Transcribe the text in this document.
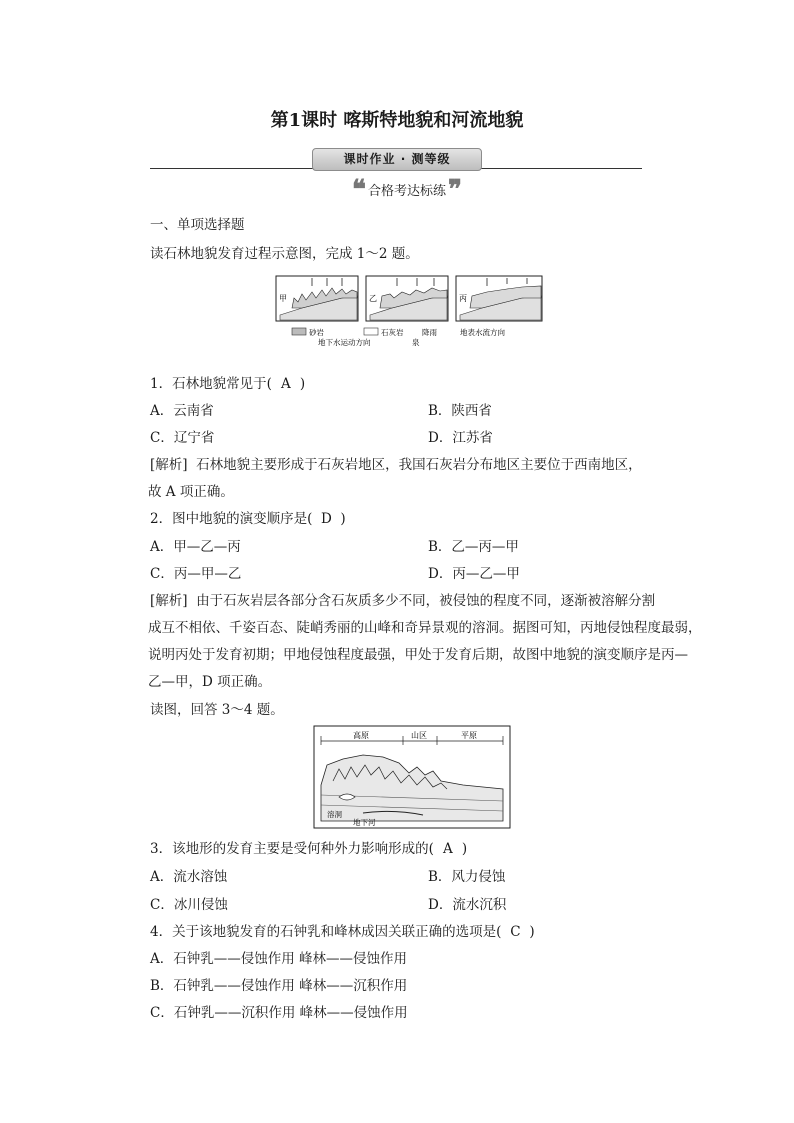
第1课时 喀斯特地貌和河流地貌
课时作业 · 测等级
❝ 合格考达标练 ❞
一、单项选择题
读石林地貌发育过程示意图，完成 1～2 题。
甲	乙	丙
砂岩	石灰岩 降雨	地表水流方向
地下水运动方向	泉
1．石林地貌常见于( A )
A．云南省	B．陕西省
C．辽宁省	D．江苏省
[解析] 石林地貌主要形成于石灰岩地区，我国石灰岩分布地区主要位于西南地区，
故 A 项正确。
2．图中地貌的演变顺序是( D )
A．甲—乙—丙	B．乙—丙—甲
C．丙—甲—乙	D．丙—乙—甲
[解析] 由于石灰岩层各部分含石灰质多少不同，被侵蚀的程度不同，逐渐被溶解分割
成互不相依、千姿百态、陡峭秀丽的山峰和奇异景观的溶洞。据图可知，丙地侵蚀程度最弱，
说明丙处于发育初期；甲地侵蚀程度最强，甲处于发育后期，故图中地貌的演变顺序是丙—
乙—甲，D 项正确。
读图，回答 3～4 题。
高原	山区	平原
溶洞
地下河
3．该地形的发育主要是受何种外力影响形成的( A )
A．流水溶蚀	B．风力侵蚀
C．冰川侵蚀	D．流水沉积
4．关于该地貌发育的石钟乳和峰林成因关联正确的选项是( C )
A．石钟乳——侵蚀作用 峰林——侵蚀作用
B．石钟乳——侵蚀作用 峰林——沉积作用
C．石钟乳——沉积作用 峰林——侵蚀作用
